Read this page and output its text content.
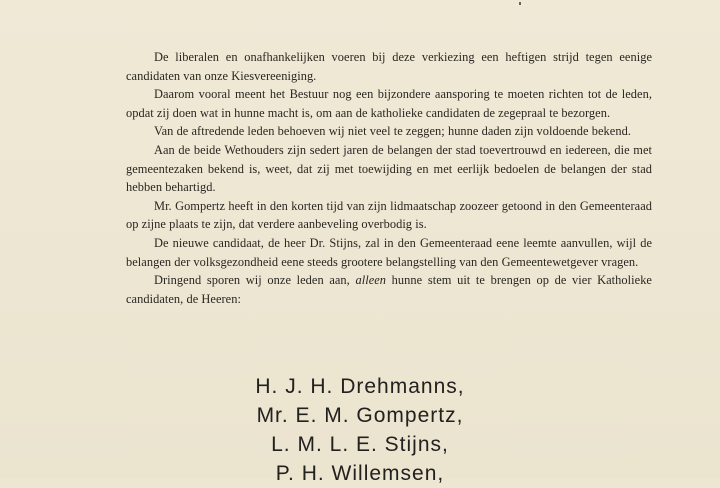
De liberalen en onafhankelijken voeren bij deze verkiezing een heftigen strijd tegen eenige candidaten van onze Kiesvereeniging.

Daarom vooral meent het Bestuur nog een bijzondere aansporing te moeten richten tot de leden, opdat zij doen wat in hunne macht is, om aan de katholieke candidaten de zegepraal te bezorgen.

Van de aftredende leden behoeven wij niet veel te zeggen; hunne daden zijn voldoende bekend.

Aan de beide Wethouders zijn sedert jaren de belangen der stad toevertrouwd en iedereen, die met gemeentezaken bekend is, weet, dat zij met toewijding en met eerlijk bedoelen de belangen der stad hebben behartigd.

Mr. Gompertz heeft in den korten tijd van zijn lidmaatschap zoozeer getoond in den Gemeenteraad op zijne plaats te zijn, dat verdere aanbeveling overbodig is.

De nieuwe candidaat, de heer Dr. Stijns, zal in den Gemeenteraad eene leemte aanvullen, wijl de belangen der volksgezondheid eene steeds grootere belangstelling van den Gemeentewetgever vragen.

Dringend sporen wij onze leden aan, alleen hunne stem uit te brengen op de vier Katholieke candidaten, de Heeren:

H. J. H. Drehmanns,
Mr. E. M. Gompertz,
L. M. L. E. Stijns,
P. H. Willemsen,
